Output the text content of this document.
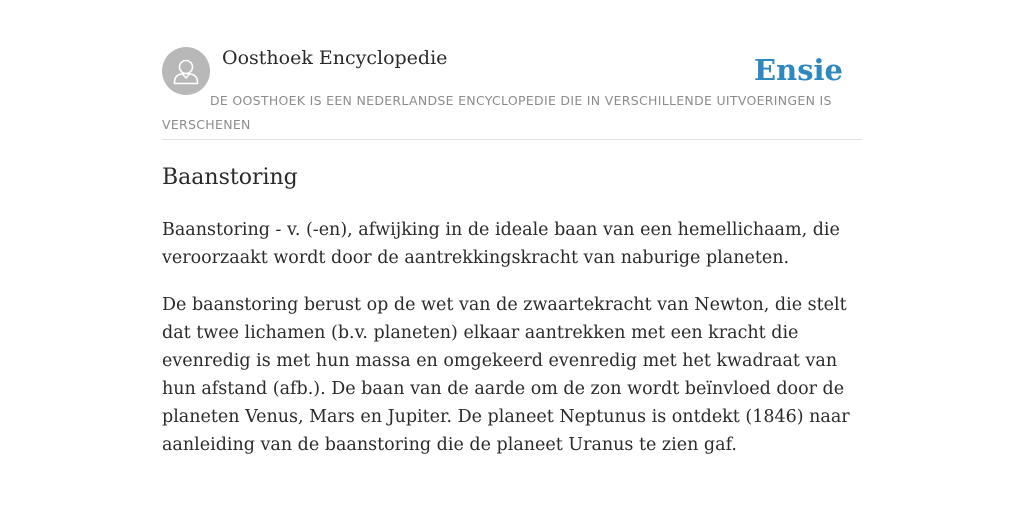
Oosthoek Encyclopedie	Ensie
DE OOSTHOEK IS EEN NEDERLANDSE ENCYCLOPEDIE DIE IN VERSCHILLENDE UITVOERINGEN IS VERSCHENEN
Baanstoring

Baanstoring - v. (-en), afwijking in de ideale baan van een hemellichaam, die veroorzaakt wordt door de aantrekkingskracht van naburige planeten.

De baanstoring berust op de wet van de zwaartekracht van Newton, die stelt dat twee lichamen (b.v. planeten) elkaar aantrekken met een kracht die evenredig is met hun massa en omgekeerd evenredig met het kwadraat van hun afstand (afb.). De baan van de aarde om de zon wordt beïnvloed door de planeten Venus, Mars en Jupiter. De planeet Neptunus is ontdekt (1846) naar aanleiding van de baanstoring die de planeet Uranus te zien gaf.
